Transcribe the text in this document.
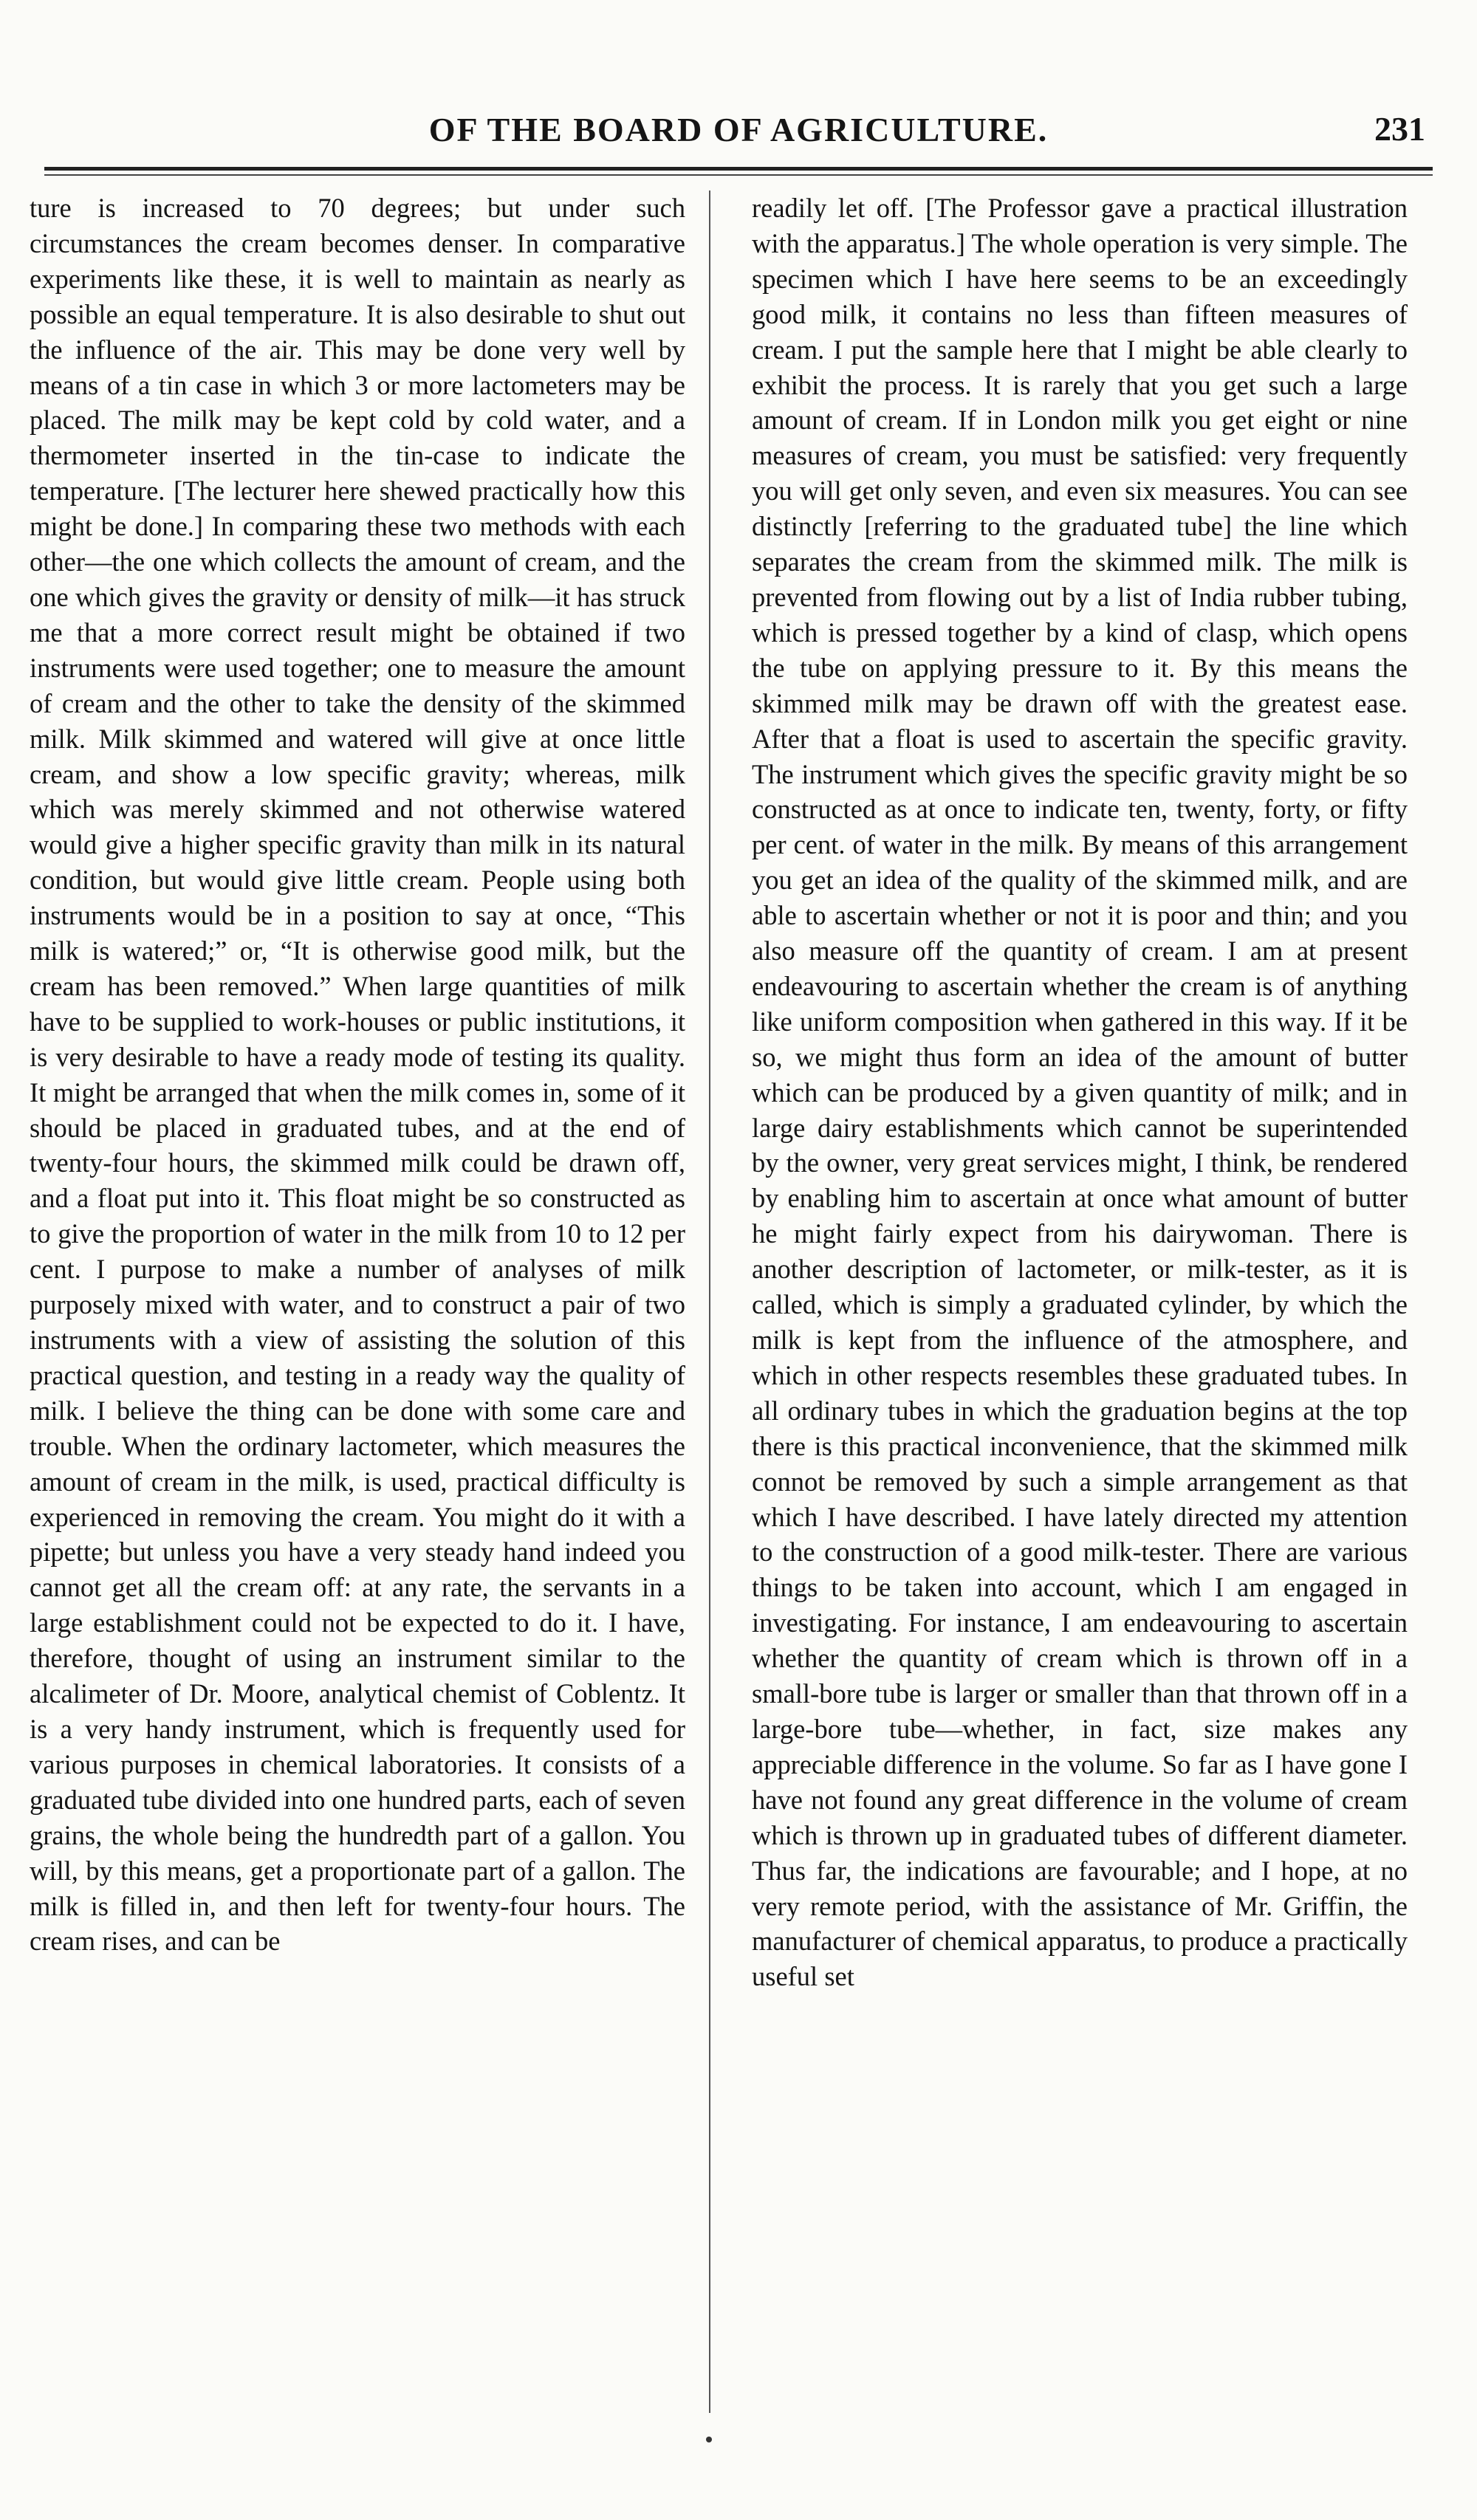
OF THE BOARD OF AGRICULTURE.	231

ture is increased to 70 degrees; but under such circumstances the cream becomes denser. In comparative experiments like these, it is well to maintain as nearly as possible an equal temperature. It is also desirable to shut out the influence of the air. This may be done very well by means of a tin case in which 3 or more lactometers may be placed. The milk may be kept cold by cold water, and a thermometer inserted in the tin-case to indicate the temperature. [The lecturer here shewed practically how this might be done.] In comparing these two methods with each other—the one which collects the amount of cream, and the one which gives the gravity or density of milk—it has struck me that a more correct result might be obtained if two instruments were used together; one to measure the amount of cream and the other to take the density of the skimmed milk. Milk skimmed and watered will give at once little cream, and show a low specific gravity; whereas, milk which was merely skimmed and not otherwise watered would give a higher specific gravity than milk in its natural condition, but would give little cream. People using both instruments would be in a position to say at once, “This milk is watered;” or, “It is otherwise good milk, but the cream has been removed.” When large quantities of milk have to be supplied to work-houses or public institutions, it is very desirable to have a ready mode of testing its quality. It might be arranged that when the milk comes in, some of it should be placed in graduated tubes, and at the end of twenty-four hours, the skimmed milk could be drawn off, and a float put into it. This float might be so constructed as to give the proportion of water in the milk from 10 to 12 per cent. I purpose to make a number of analyses of milk purposely mixed with water, and to construct a pair of two instruments with a view of assisting the solution of this practical question, and testing in a ready way the quality of milk. I believe the thing can be done with some care and trouble. When the ordinary lactometer, which measures the amount of cream in the milk, is used, practical difficulty is experienced in removing the cream. You might do it with a pipette; but unless you have a very steady hand indeed you cannot get all the cream off: at any rate, the servants in a large establishment could not be expected to do it. I have, therefore, thought of using an instrument similar to the alcalimeter of Dr. Moore, analytical chemist of Coblentz. It is a very handy instrument, which is frequently used for various purposes in chemical laboratories. It consists of a graduated tube divided into one hundred parts, each of seven grains, the whole being the hundredth part of a gallon. You will, by this means, get a proportionate part of a gallon. The milk is filled in, and then left for twenty-four hours. The cream rises, and can be

readily let off. [The Professor gave a practical illustration with the apparatus.] The whole operation is very simple. The specimen which I have here seems to be an exceedingly good milk, it contains no less than fifteen measures of cream. I put the sample here that I might be able clearly to exhibit the process. It is rarely that you get such a large amount of cream. If in London milk you get eight or nine measures of cream, you must be satisfied: very frequently you will get only seven, and even six measures. You can see distinctly [referring to the graduated tube] the line which separates the cream from the skimmed milk. The milk is prevented from flowing out by a list of India rubber tubing, which is pressed together by a kind of clasp, which opens the tube on applying pressure to it. By this means the skimmed milk may be drawn off with the greatest ease. After that a float is used to ascertain the specific gravity. The instrument which gives the specific gravity might be so constructed as at once to indicate ten, twenty, forty, or fifty per cent. of water in the milk. By means of this arrangement you get an idea of the quality of the skimmed milk, and are able to ascertain whether or not it is poor and thin; and you also measure off the quantity of cream. I am at present endeavouring to ascertain whether the cream is of anything like uniform composition when gathered in this way. If it be so, we might thus form an idea of the amount of butter which can be produced by a given quantity of milk; and in large dairy establishments which cannot be superintended by the owner, very great services might, I think, be rendered by enabling him to ascertain at once what amount of butter he might fairly expect from his dairywoman. There is another description of lactometer, or milk-tester, as it is called, which is simply a graduated cylinder, by which the milk is kept from the influence of the atmosphere, and which in other respects resembles these graduated tubes. In all ordinary tubes in which the graduation begins at the top there is this practical inconvenience, that the skimmed milk connot be removed by such a simple arrangement as that which I have described. I have lately directed my attention to the construction of a good milk-tester. There are various things to be taken into account, which I am engaged in investigating. For instance, I am endeavouring to ascertain whether the quantity of cream which is thrown off in a small-bore tube is larger or smaller than that thrown off in a large-bore tube—whether, in fact, size makes any appreciable difference in the volume. So far as I have gone I have not found any great difference in the volume of cream which is thrown up in graduated tubes of different diameter. Thus far, the indications are favourable; and I hope, at no very remote period, with the assistance of Mr. Griffin, the manufacturer of chemical apparatus, to produce a practically useful set
